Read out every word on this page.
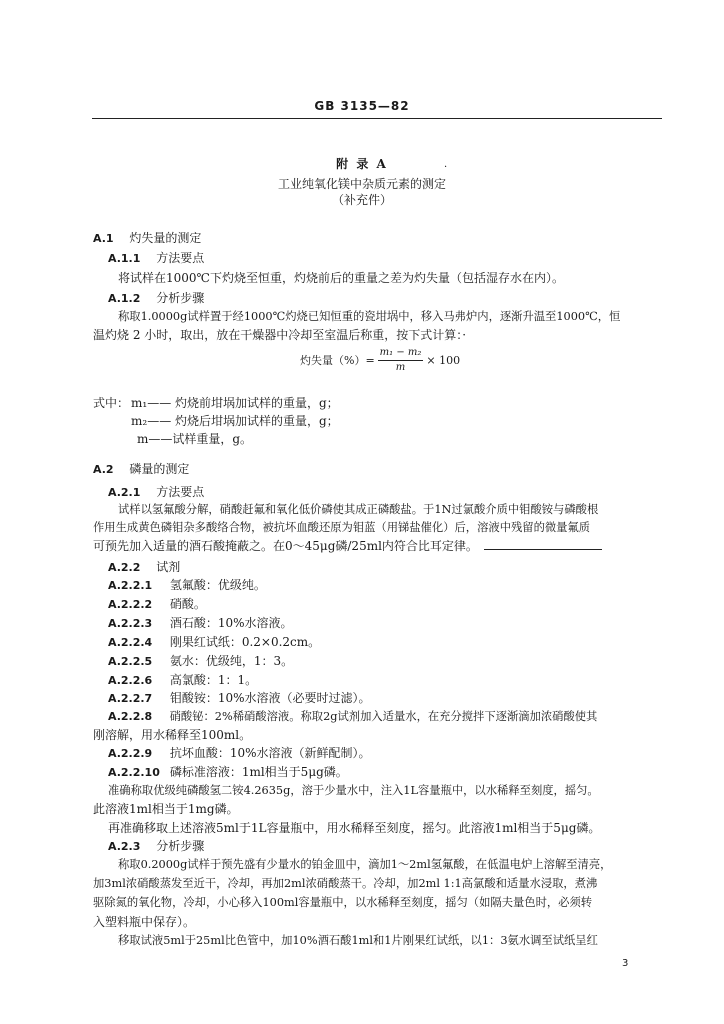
GB 3135—82
附 录 A	·
工业纯氧化镁中杂质元素的测定
（补充件）
A.1 灼失量的测定
A.1.1 方法要点
将试样在1000℃下灼烧至恒重，灼烧前后的重量之差为灼失量（包括湿存水在内）。
A.1.2 分析步骤
称取1.0000g试样置于经1000℃灼烧已知恒重的瓷坩埚中，移入马弗炉内，逐渐升温至1000℃，恒
温灼烧 2 小时，取出，放在干燥器中冷却至室温后称重，按下式计算：·
灼失量（%）= $\frac{\text{m₁ − m₂}}{m} \times 100$
式中： m₁—— 灼烧前坩埚加试样的重量，g；
m₂—— 灼烧后坩埚加试样的重量，g；
m——试样重量，g。
A.2 磷量的测定
A.2.1 方法要点
试样以氢氟酸分解，硝酸赶氟和氧化低价磷使其成正磷酸盐。于1N过氯酸介质中钼酸铵与磷酸根
作用生成黄色磷钼杂多酸络合物，被抗坏血酸还原为钼蓝（用锑盐催化）后，溶液中残留的微量氟质
可预先加入适量的酒石酸掩蔽之。在0～45μg磷/25ml内符合比耳定律。
A.2.2 试剂
A.2.2.1 氢氟酸：优级纯。
A.2.2.2 硝酸。
A.2.2.3 酒石酸：10%水溶液。
A.2.2.4 刚果红试纸：0.2×0.2cm。
A.2.2.5 氨水：优级纯，1：3。
A.2.2.6 高氯酸：1：1。
A.2.2.7 钼酸铵：10%水溶液（必要时过滤）。
A.2.2.8 硝酸铋：2%稀硝酸溶液。称取2g试剂加入适量水，在充分搅拌下逐渐滴加浓硝酸使其
刚溶解，用水稀释至100ml。
A.2.2.9 抗坏血酸：10%水溶液（新鲜配制）。
A.2.2.10 磷标准溶液：1ml相当于5μg磷。
准确称取优级纯磷酸氢二铵4.2635g，溶于少量水中，注入1L容量瓶中，以水稀释至刻度，摇匀。
此溶液1ml相当于1mg磷。
再准确移取上述溶液5ml于1L容量瓶中，用水稀释至刻度，摇匀。此溶液1ml相当于5μg磷。
A.2.3 分析步骤
称取0.2000g试样于预先盛有少量水的铂金皿中，滴加1～2ml氢氟酸，在低温电炉上溶解至清亮，
加3ml浓硝酸蒸发至近干，冷却，再加2ml浓硝酸蒸干。冷却，加2ml 1:1高氯酸和适量水浸取，煮沸
驱除氮的氧化物，冷却，小心移入100ml容量瓶中，以水稀释至刻度，摇匀（如隔夫量色时，必须转
入塑料瓶中保存）。
移取试液5ml于25ml比色管中，加10%酒石酸1ml和1片刚果红试纸，以1：3氨水调至试纸呈红
3
